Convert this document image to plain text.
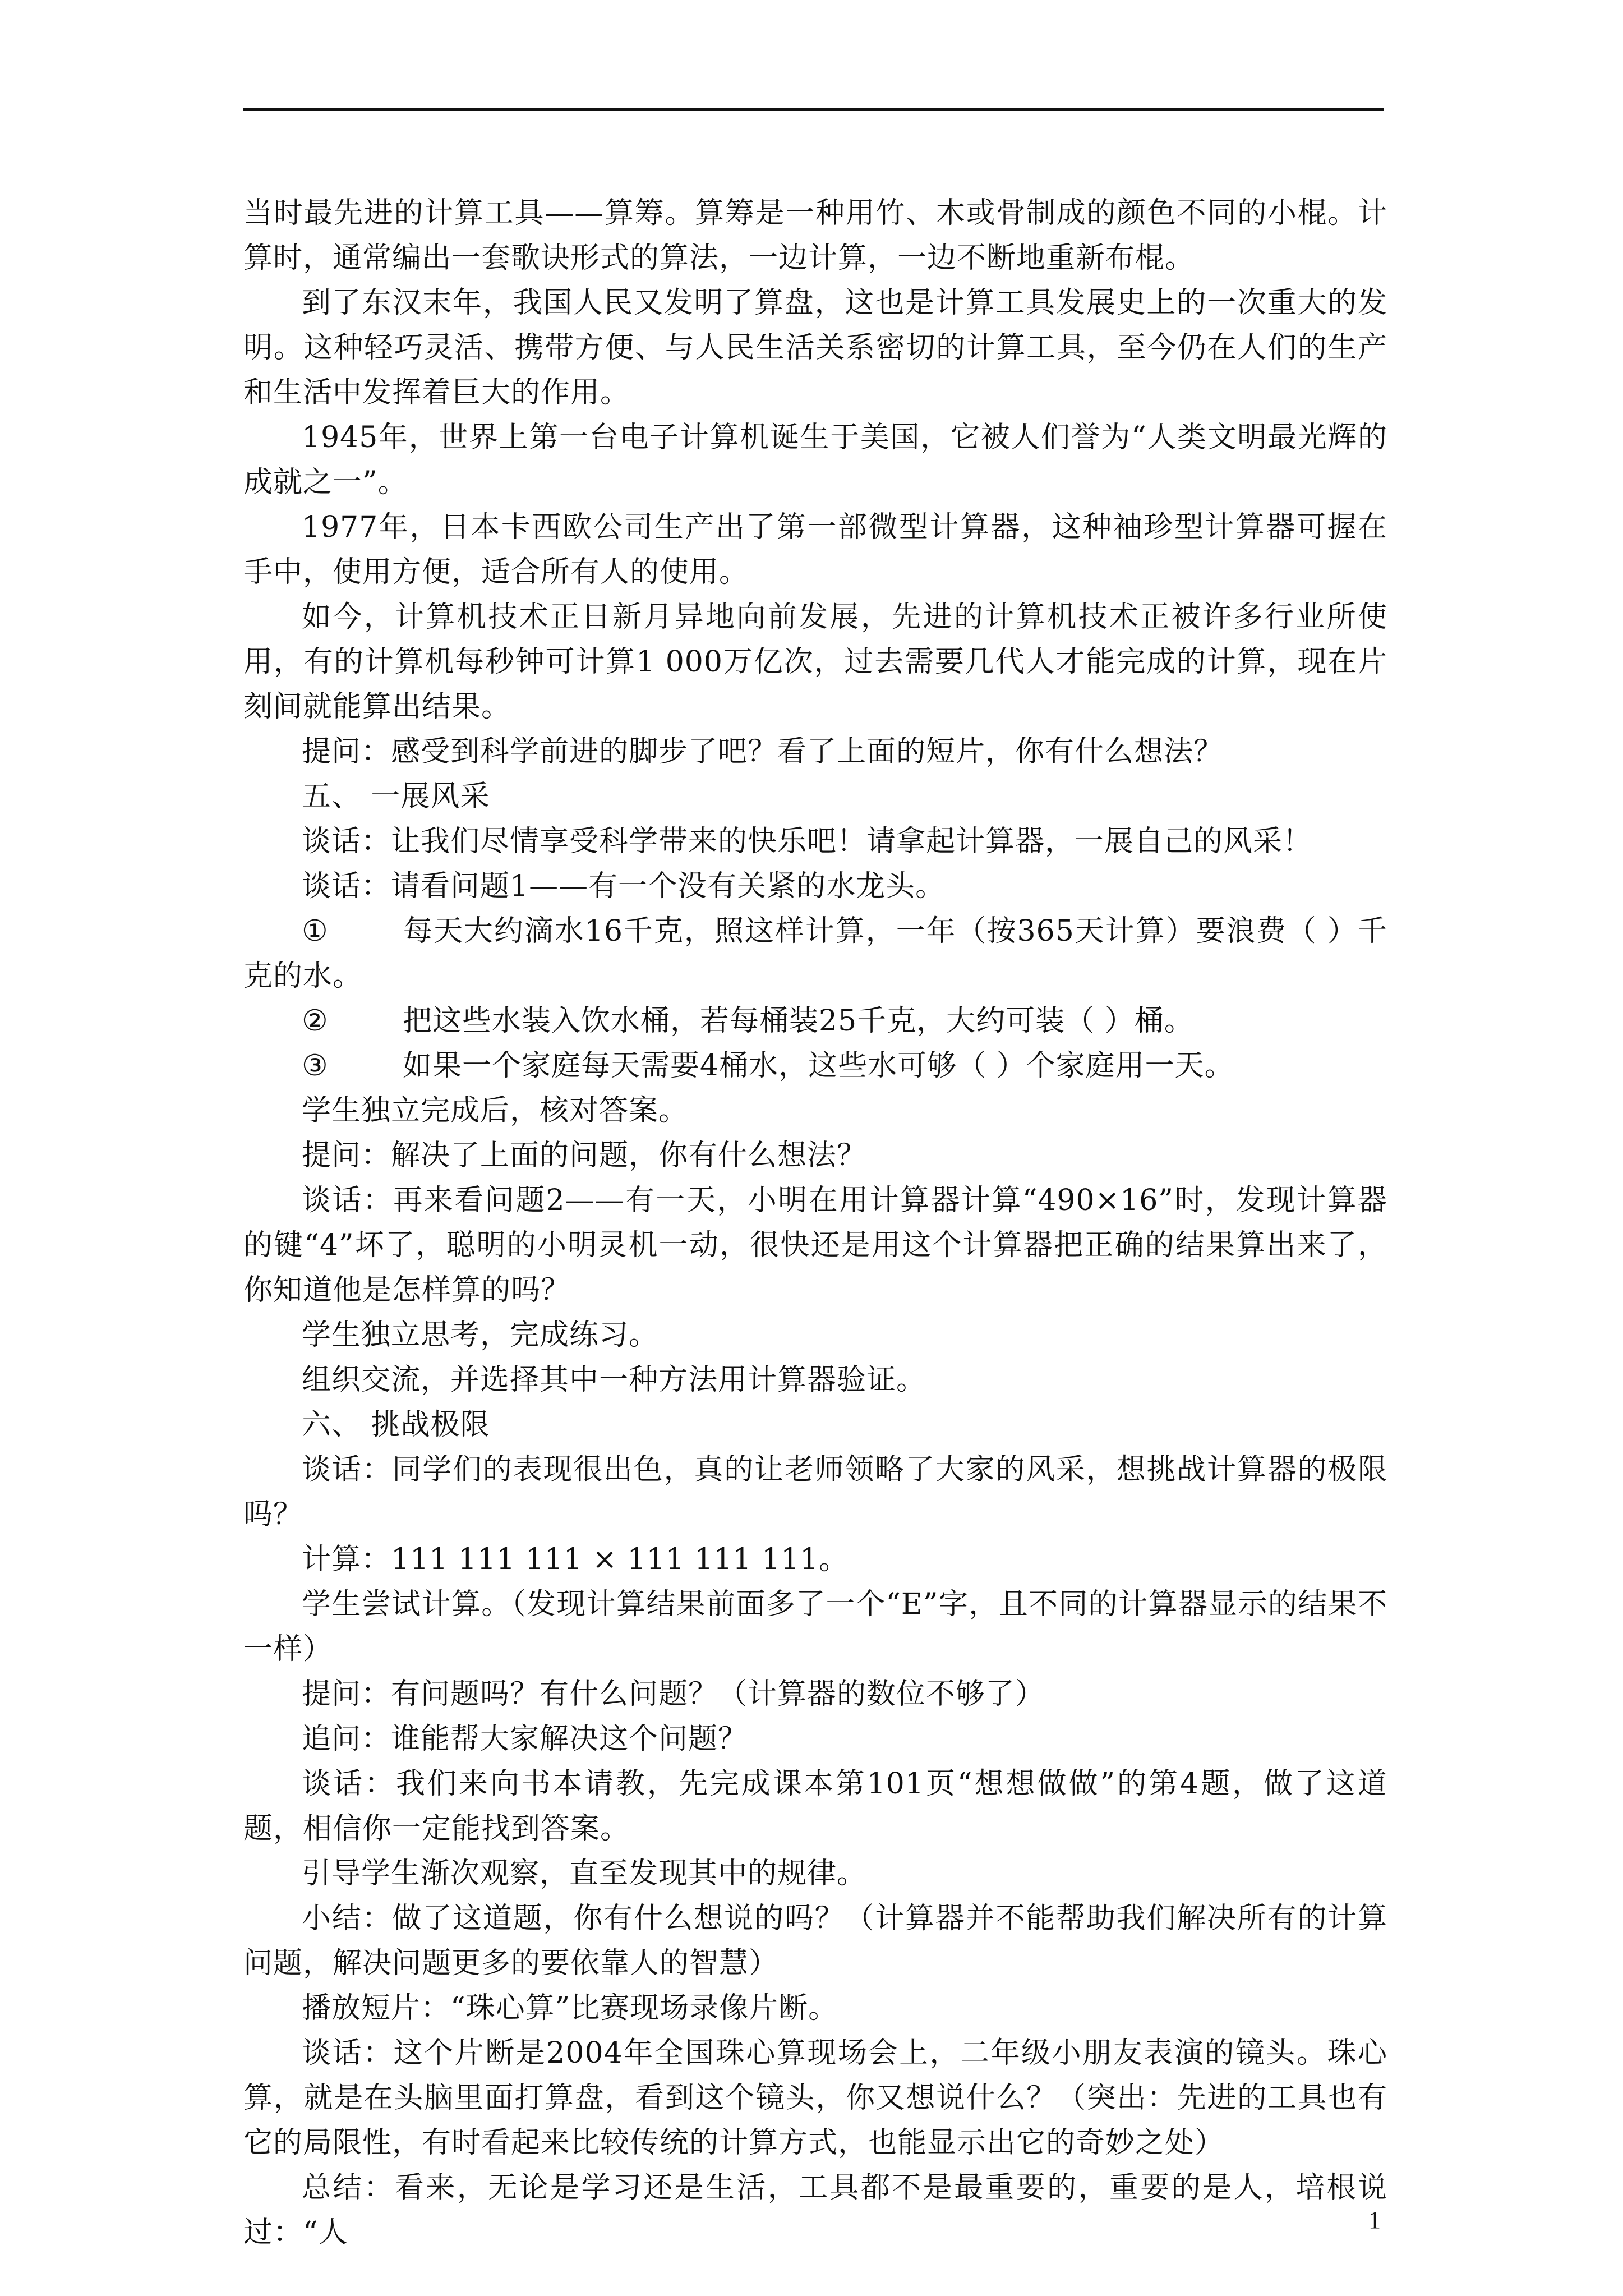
当时最先进的计算工具——算筹。算筹是一种用竹、木或骨制成的颜色不同的小棍。计算时，通常编出一套歌诀形式的算法，一边计算，一边不断地重新布棍。

到了东汉末年，我国人民又发明了算盘，这也是计算工具发展史上的一次重大的发明。这种轻巧灵活、携带方便、与人民生活关系密切的计算工具，至今仍在人们的生产和生活中发挥着巨大的作用。

1945年，世界上第一台电子计算机诞生于美国，它被人们誉为“人类文明最光辉的成就之一”。

1977年，日本卡西欧公司生产出了第一部微型计算器，这种袖珍型计算器可握在手中，使用方便，适合所有人的使用。

如今，计算机技术正日新月异地向前发展，先进的计算机技术正被许多行业所使用，有的计算机每秒钟可计算1 000万亿次，过去需要几代人才能完成的计算，现在片刻间就能算出结果。

提问：感受到科学前进的脚步了吧？看了上面的短片，你有什么想法？

五、 一展风采

谈话：让我们尽情享受科学带来的快乐吧！请拿起计算器，一展自己的风采！

谈话：请看问题1——有一个没有关紧的水龙头。

①	每天大约滴水16千克，照这样计算，一年（按365天计算）要浪费（ ）千克的水。

②	把这些水装入饮水桶，若每桶装25千克，大约可装（ ）桶。

③	如果一个家庭每天需要4桶水，这些水可够（ ）个家庭用一天。

学生独立完成后，核对答案。

提问：解决了上面的问题，你有什么想法？

谈话：再来看问题2——有一天，小明在用计算器计算“490×16”时，发现计算器的键“4”坏了，聪明的小明灵机一动，很快还是用这个计算器把正确的结果算出来了，你知道他是怎样算的吗？

学生独立思考，完成练习。

组织交流，并选择其中一种方法用计算器验证。

六、 挑战极限

谈话：同学们的表现很出色，真的让老师领略了大家的风采，想挑战计算器的极限吗？

计算：111 111 111 × 111 111 111。

学生尝试计算。（发现计算结果前面多了一个“E”字，且不同的计算器显示的结果不一样）

提问：有问题吗？有什么问题？（计算器的数位不够了）

追问：谁能帮大家解决这个问题？

谈话：我们来向书本请教，先完成课本第101页“想想做做”的第4题，做了这道题，相信你一定能找到答案。

引导学生渐次观察，直至发现其中的规律。

小结：做了这道题，你有什么想说的吗？（计算器并不能帮助我们解决所有的计算问题，解决问题更多的要依靠人的智慧）

播放短片：“珠心算”比赛现场录像片断。

谈话：这个片断是2004年全国珠心算现场会上，二年级小朋友表演的镜头。珠心算，就是在头脑里面打算盘，看到这个镜头，你又想说什么？（突出：先进的工具也有它的局限性，有时看起来比较传统的计算方式，也能显示出它的奇妙之处）

总结：看来，无论是学习还是生活，工具都不是最重要的，重要的是人，培根说过：“人	1
